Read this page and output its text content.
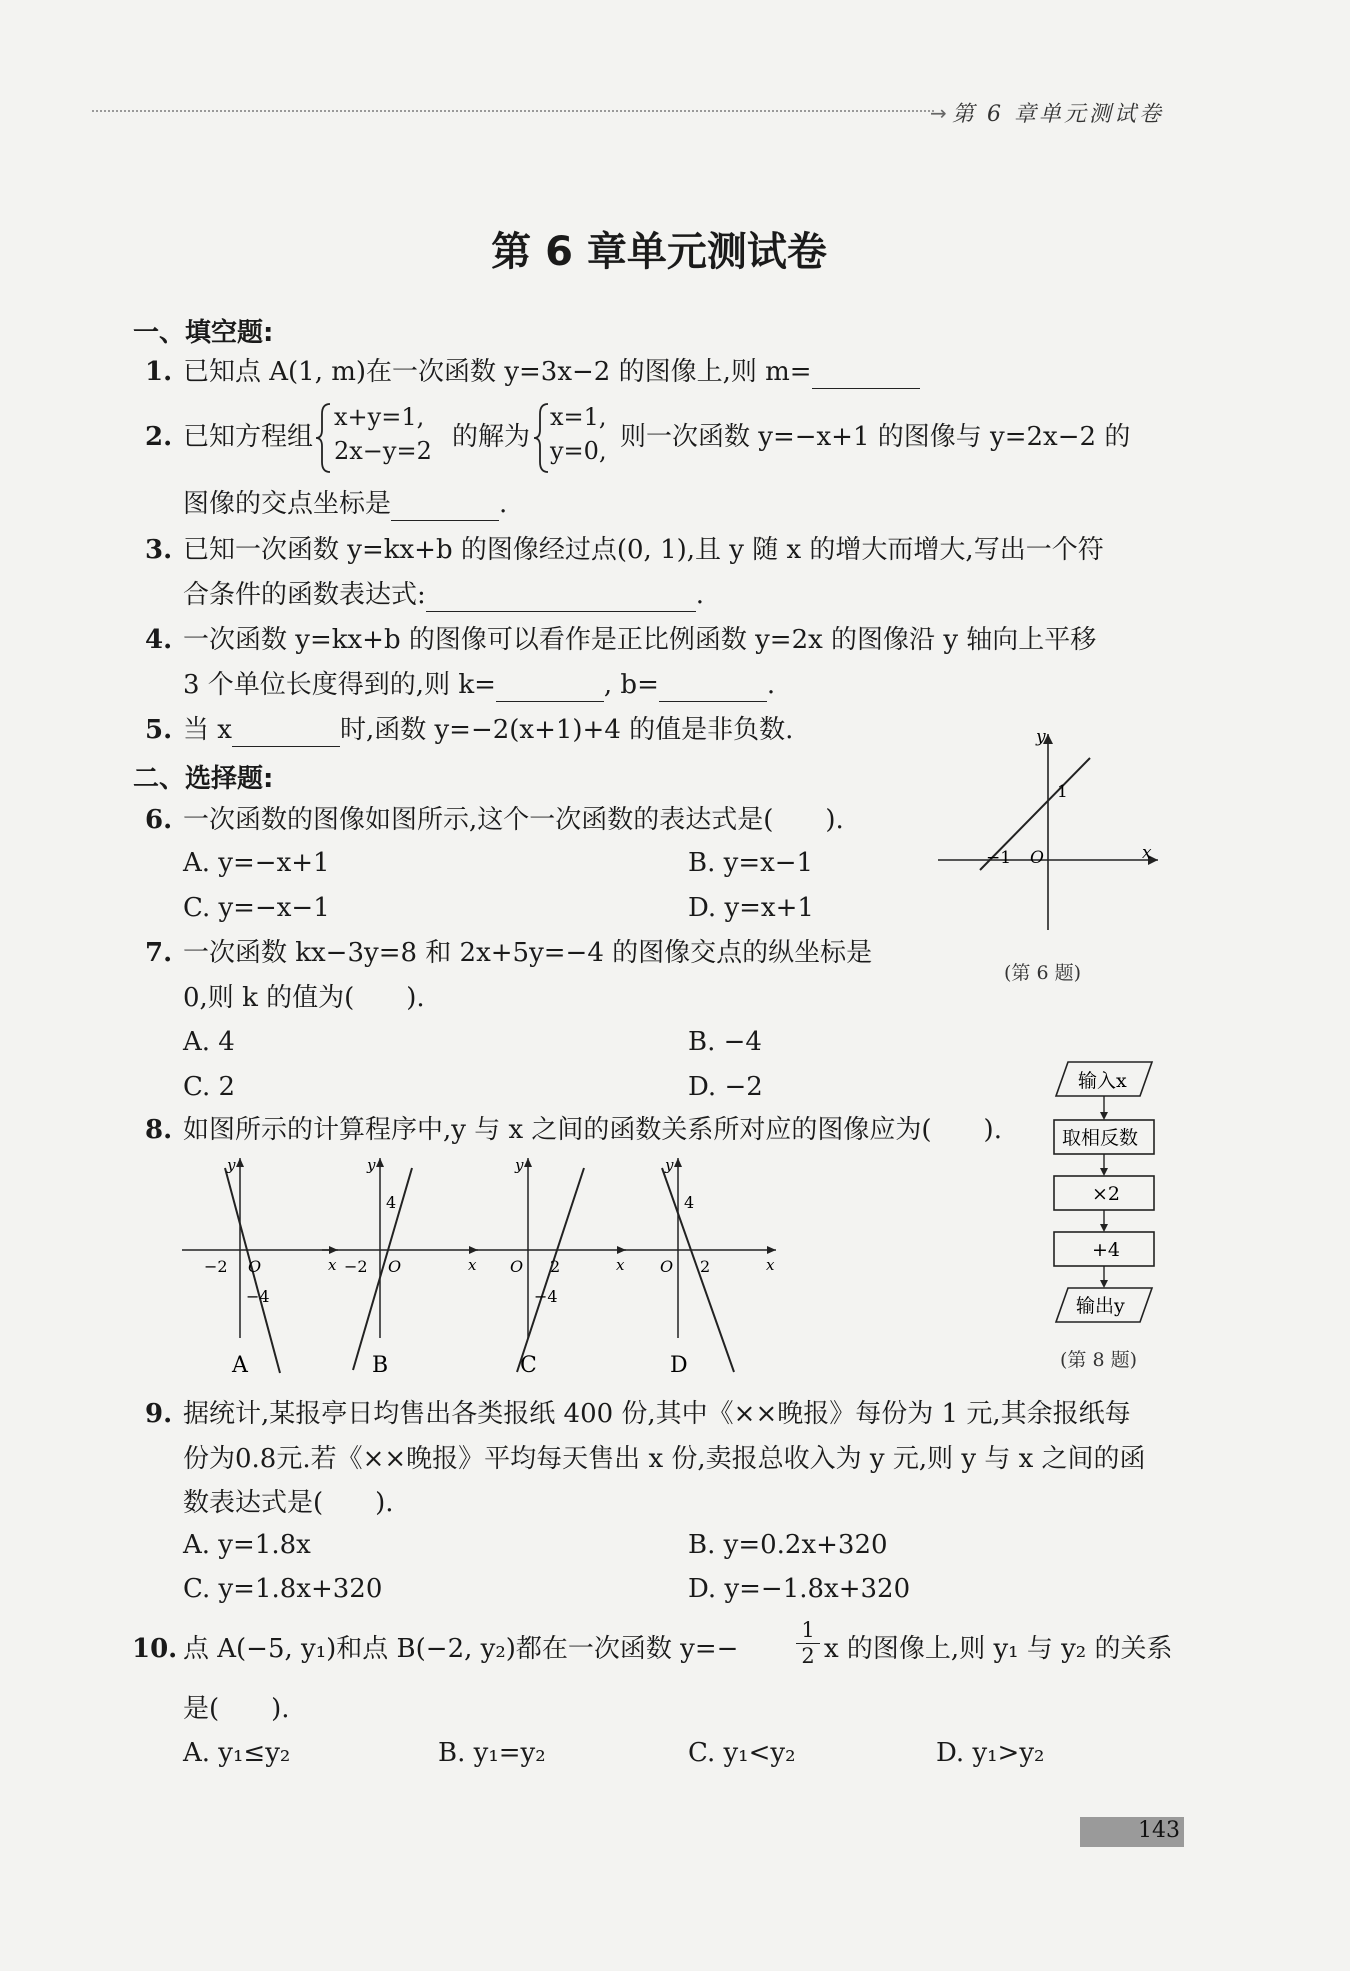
→ 第 6 章单元测试卷
第 6 章单元测试卷
一、填空题:
1. 已知点 A(1, m)在一次函数 y=3x−2 的图像上,则 m=
2. 已知方程组
x+y=1,
2x−y=2 的解为
x=1,
y=0, 则一次函数 y=−x+1 的图像与 y=2x−2 的
图像的交点坐标是	.
3. 已知一次函数 y=kx+b 的图像经过点(0, 1),且 y 随 x 的增大而增大,写出一个符
合条件的函数表达式:	.
4. 一次函数 y=kx+b 的图像可以看作是正比例函数 y=2x 的图像沿 y 轴向上平移
3 个单位长度得到的,则 k=	, b=	.
5. 当 x	时,函数 y=−2(x+1)+4 的值是非负数.
二、选择题:
6. 一次函数的图像如图所示,这个一次函数的表达式是(　　).
A. y=−x+1	B. y=x−1
C. y=−x−1	D. y=x+1
y
x
O
−1
1
(第 6 题)
7. 一次函数 kx−3y=8 和 2x+5y=−4 的图像交点的纵坐标是
0,则 k 的值为(　　).
A. 4	B. −4
C. 2	D. −2
8. 如图所示的计算程序中,y 与 x 之间的函数关系所对应的图像应为(　　).
y
x
O
−2
−4
A
y
x
O
−2
4
B
y
x
O 2
−4
C
y
x
O 2
4
D
输入x
取相反数
×2
+4
输出y
(第 8 题)
9. 据统计,某报亭日均售出各类报纸 400 份,其中《××晚报》每份为 1 元,其余报纸每
份为0.8元.若《××晚报》平均每天售出 x 份,卖报总收入为 y 元,则 y 与 x 之间的函
数表达式是(　　).
A. y=1.8x	B. y=0.2x+320
C. y=1.8x+320	D. y=−1.8x+320
10. 点 A(−5, y₁)和点 B(−2, y₂)都在一次函数 y=−	$\frac{1}{2}$ x 的图像上,则 y₁ 与 y₂ 的关系
是(　　).
A. y₁≤y₂	B. y₁=y₂	C. y₁<y₂	D. y₁>y₂
143
